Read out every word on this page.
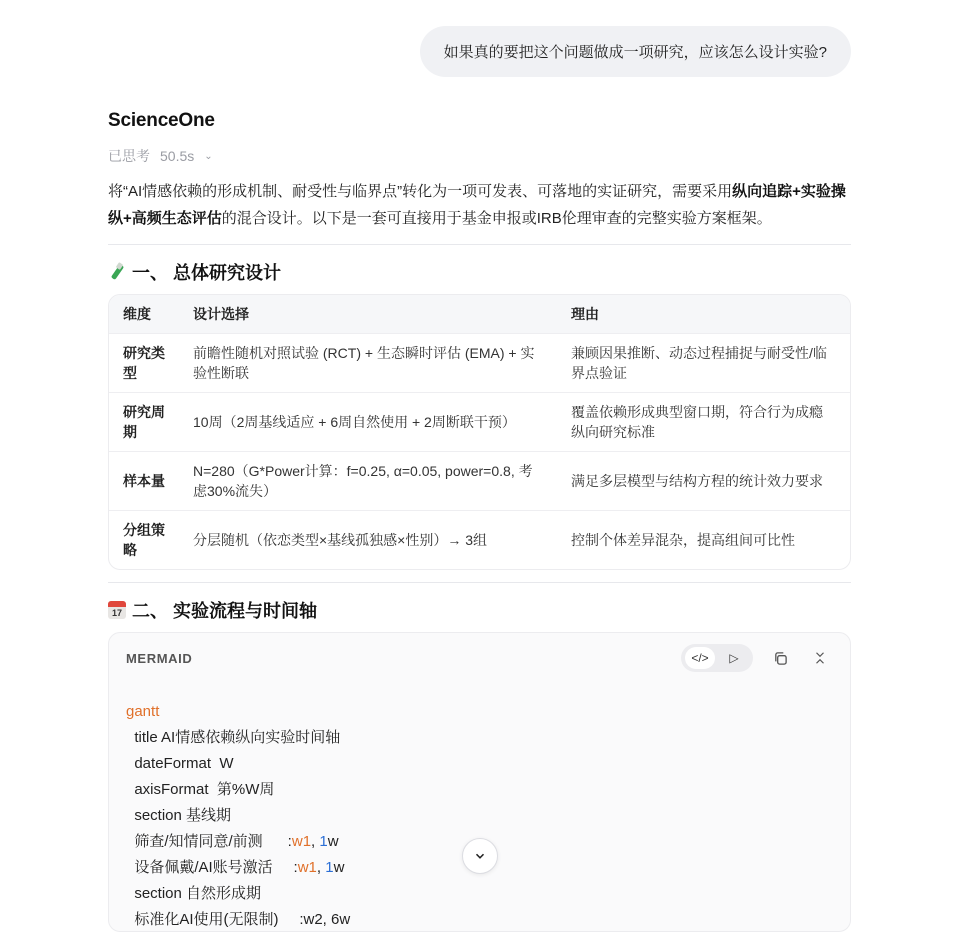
如果真的要把这个问题做成一项研究，应该怎么设计实验?
ScienceOne
已思考 50.5s ⌄
将“AI情感依赖的形成机制、耐受性与临界点”转化为一项可发表、可落地的实证研究，需要采用纵向追踪+实验操纵+高频生态评估的混合设计。以下是一套可直接用于基金申报或IRB伦理审查的完整实验方案框架。
一、 总体研究设计
维度	设计选择	理由
研究类型	前瞻性随机对照试验 (RCT) + 生态瞬时评估 (EMA) + 实验性断联	兼顾因果推断、动态过程捕捉与耐受性/临界点验证
研究周期	10周（2周基线适应 + 6周自然使用 + 2周断联干预）	覆盖依赖形成典型窗口期，符合行为成瘾纵向研究标准
样本量	N=280（G*Power计算：f=0.25, α=0.05, power=0.8, 考虑30%流失）	满足多层模型与结构方程的统计效力要求
分组策略	分层随机（依恋类型×基线孤独感×性别）→ 3组	控制个体差异混杂，提高组间可比性
17 二、 实验流程与时间轴
MERMAID	</>	▷
gantt
title AI情感依赖纵向实验时间轴
dateFormat  W
axisFormat  第%W周
section 基线期
筛查/知情同意/前测      :w1, 1w
设备佩戴/AI账号激活     :w1, 1w
section 自然形成期
标准化AI使用(无限制)     :w2, 6w
